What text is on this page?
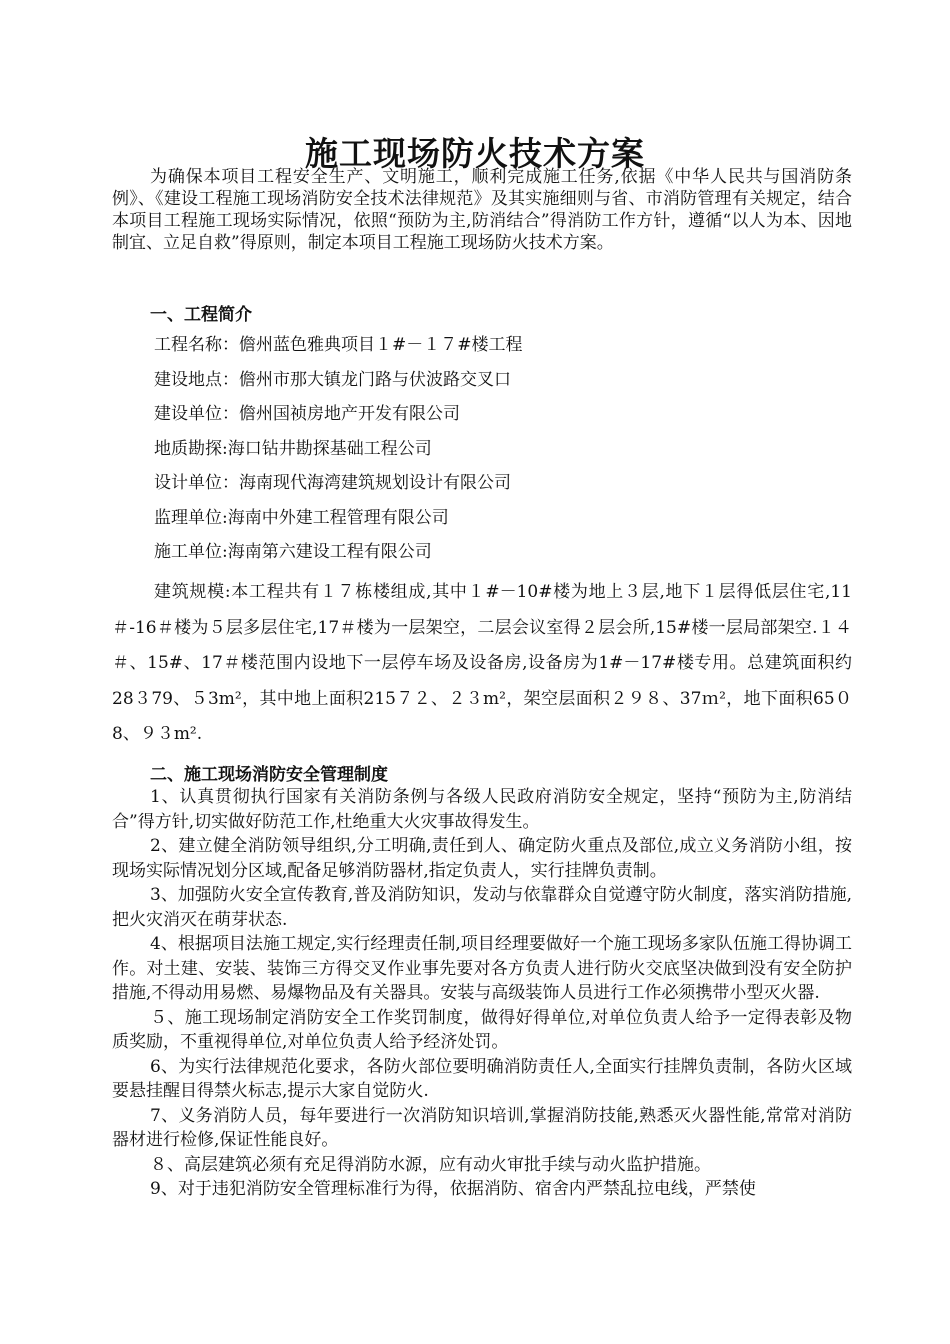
施工现场防火技术方案

为确保本项目工程安全生产、文明施工，顺利完成施工任务,依据《中华人民共与国消防条例》、《建设工程施工现场消防安全技术法律规范》及其实施细则与省、市消防管理有关规定，结合本项目工程施工现场实际情况，依照“预防为主,防消结合”得消防工作方针，遵循“以人为本、因地制宜、立足自救”得原则，制定本项目工程施工现场防火技术方案。

一、工程简介
工程名称：儋州蓝色雅典项目１#－１７#楼工程
建设地点：儋州市那大镇龙门路与伏波路交叉口
建设单位：儋州国祯房地产开发有限公司
地质勘探:海口钻井勘探基础工程公司
设计单位：海南现代海湾建筑规划设计有限公司
监理单位:海南中外建工程管理有限公司
施工单位:海南第六建设工程有限公司

建筑规模:本工程共有１７栋楼组成,其中１#－10#楼为地上３层,地下１层得低层住宅,11＃-16＃楼为５层多层住宅,17＃楼为一层架空，二层会议室得２层会所,15#楼一层局部架空.１４＃、15#、17＃楼范围内设地下一层停车场及设备房,设备房为1#－17#楼专用。总建筑面积约28３79、５3m²，其中地上面积215７２、２３m²，架空层面积２９８、37ｍ²，地下面积65０8、９３m².

二、施工现场消防安全管理制度

1、认真贯彻执行国家有关消防条例与各级人民政府消防安全规定，坚持“预防为主,防消结合”得方针,切实做好防范工作,杜绝重大火灾事故得发生。

2、建立健全消防领导组织,分工明确,责任到人、确定防火重点及部位,成立义务消防小组，按现场实际情况划分区域,配备足够消防器材,指定负责人，实行挂牌负责制。

3、加强防火安全宣传教育,普及消防知识，发动与依靠群众自觉遵守防火制度，落实消防措施,把火灾消灭在萌芽状态.

4、根据项目法施工规定,实行经理责任制,项目经理要做好一个施工现场多家队伍施工得协调工作。对土建、安装、装饰三方得交叉作业事先要对各方负责人进行防火交底坚决做到没有安全防护措施,不得动用易燃、易爆物品及有关器具。安装与高级装饰人员进行工作必须携带小型灭火器.

５、施工现场制定消防安全工作奖罚制度，做得好得单位,对单位负责人给予一定得表彰及物质奖励，不重视得单位,对单位负责人给予经济处罚。

6、为实行法律规范化要求，各防火部位要明确消防责任人,全面实行挂牌负责制，各防火区域要悬挂醒目得禁火标志,提示大家自觉防火.

7、义务消防人员，每年要进行一次消防知识培训,掌握消防技能,熟悉灭火器性能,常常对消防器材进行检修,保证性能良好。

８、高层建筑必须有充足得消防水源，应有动火审批手续与动火监护措施。

9、对于违犯消防安全管理标准行为得，依据消防、宿舍内严禁乱拉电线，严禁使
